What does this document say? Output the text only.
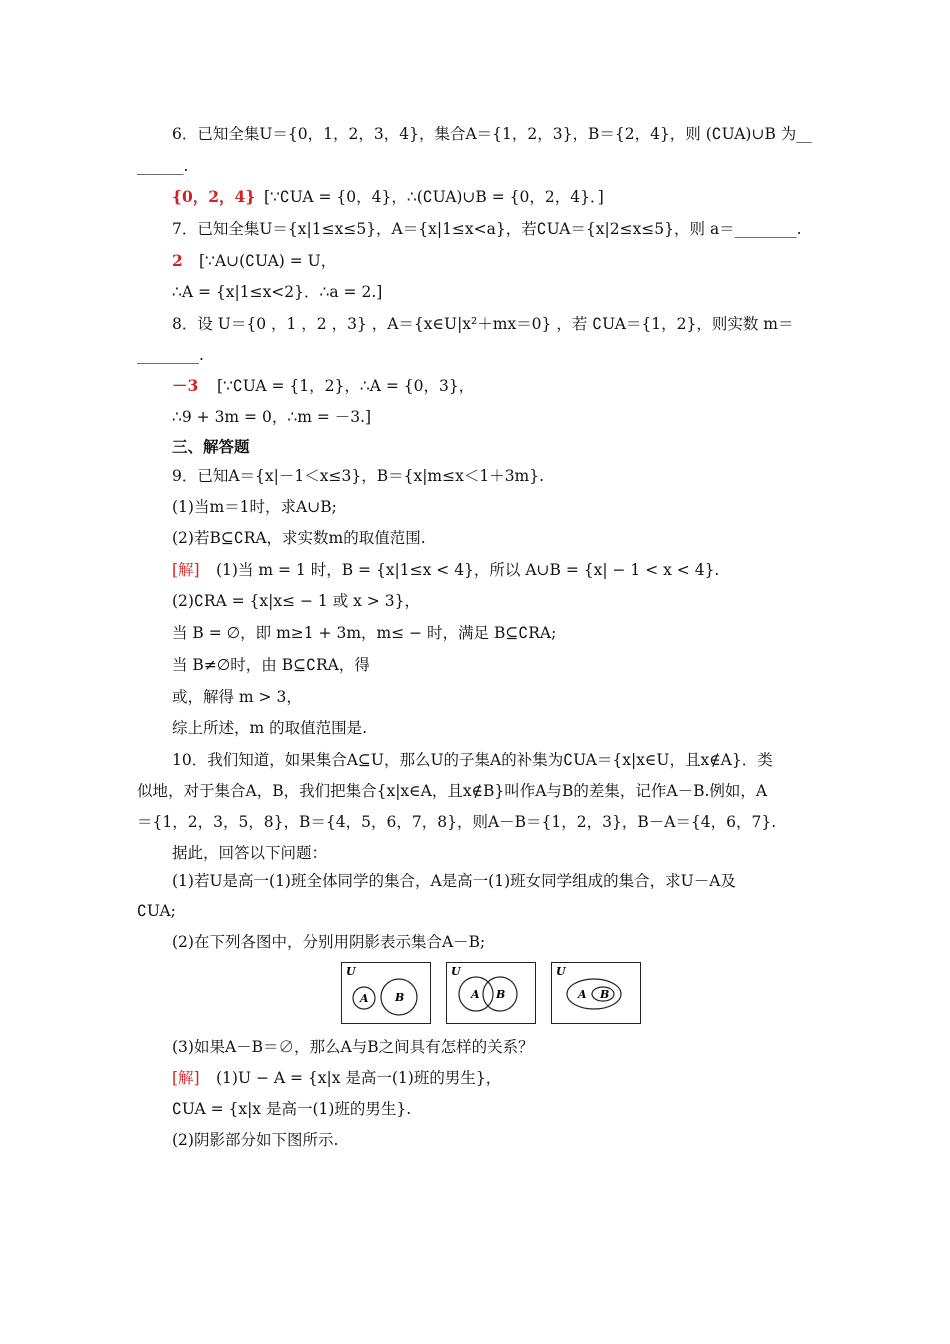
6．已知全集U＝{0，1，2，3，4}，集合A＝{1，2，3}，B＝{2，4}，则 (∁UA)∪B 为__
______.
{0，2，4} [∵∁UA = {0，4}，∴(∁UA)∪B = {0，2，4}．]
7．已知全集U＝{x|1≤x≤5}，A＝{x|1≤x<a}，若∁UA＝{x|2≤x≤5}，则 a＝________.
2 [∵A∪(∁UA) = U，
∴A = {x|1≤x<2}．∴a = 2.]
8．设 U＝{0 ，1 ，2 ，3} ，A＝{x∈U|x²＋mx＝0} ，若 ∁UA＝{1，2}，则实数 m＝
________.
－3 [∵∁UA = {1，2}，∴A = {0，3}，
∴9 + 3m = 0，∴m = －3.]
三、解答题
9．已知A＝{x|－1＜x≤3}，B＝{x|m≤x＜1＋3m}.
(1)当m＝1时，求A∪B;
(2)若B⊆∁RA，求实数m的取值范围.
[解] (1)当 m = 1 时，B = {x|1≤x < 4}，所以 A∪B = {x| − 1 < x < 4}.
(2)∁RA = {x|x≤ − 1 或 x > 3}，
当 B = ∅，即 m≥1 + 3m，m≤ − 时，满足 B⊆∁RA;
当 B≠∅时，由 B⊆∁RA，得
或，解得 m > 3，
综上所述，m 的取值范围是.
10．我们知道，如果集合A⊆U，那么U的子集A的补集为∁UA＝{x|x∈U，且x∉A}．类
似地，对于集合A，B，我们把集合{x|x∈A，且x∉B}叫作A与B的差集，记作A－B.例如，A
＝{1，2，3，5，8}，B＝{4，5，6，7，8}，则A－B＝{1，2，3}，B－A＝{4，6，7}.
据此，回答以下问题：
(1)若U是高一(1)班全体同学的集合，A是高一(1)班女同学组成的集合，求U－A及
∁UA;
(2)在下列各图中，分别用阴影表示集合A－B;
U
A B
U
A B
U
A B
(3)如果A－B＝∅，那么A与B之间具有怎样的关系？
[解] (1)U − A = {x|x 是高一(1)班的男生}，
∁UA = {x|x 是高一(1)班的男生}.
(2)阴影部分如下图所示.
